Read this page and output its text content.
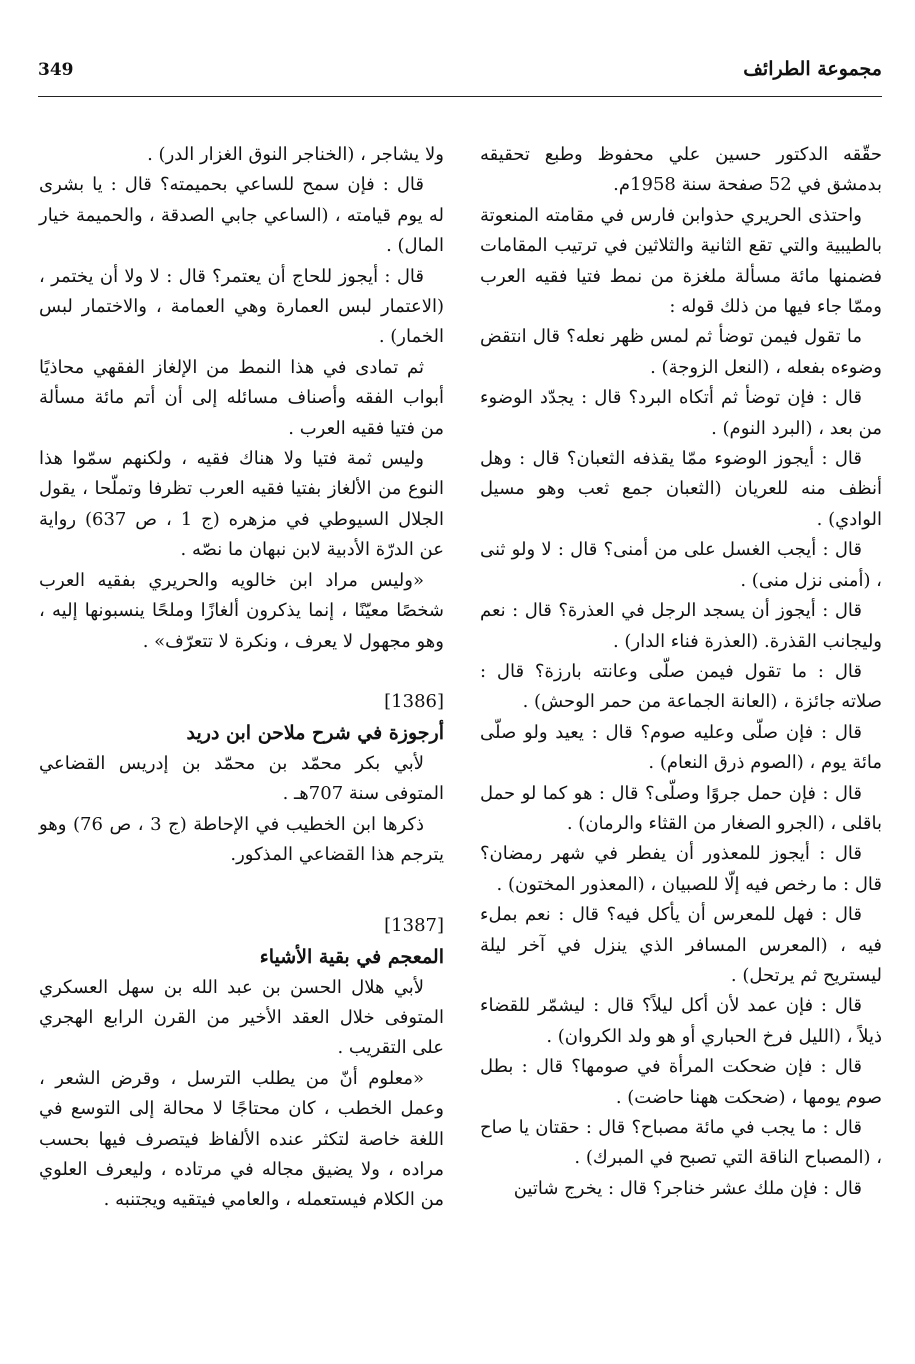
مجموعة الطرائف
349

حقّقه الدكتور حسين علي محفوظ وطبع تحقيقه بدمشق في 52 صفحة سنة 1958م.

واحتذى الحريري حذوابن فارس في مقامته المنعوتة بالطيبية والتي تقع الثانية والثلاثين في ترتيب المقامات فضمنها مائة مسألة ملغزة من نمط فتيا فقيه العرب وممّا جاء فيها من ذلك قوله :

ما تقول فيمن توضأ ثم لمس ظهر نعله؟ قال انتقض وضوءه بفعله ، (النعل الزوجة) .

قال : فإن توضأ ثم أتكاه البرد؟ قال : يجدّد الوضوء من بعد ، (البرد النوم) .

قال : أيجوز الوضوء ممّا يقذفه الثعبان؟ قال : وهل أنظف منه للعريان (الثعبان جمع ثعب وهو مسيل الوادي) .

قال : أيجب الغسل على من أمنى؟ قال : لا ولو ثنى ، (أمنى نزل منى) .

قال : أيجوز أن يسجد الرجل في العذرة؟ قال : نعم وليجانب القذرة. (العذرة فناء الدار) .

قال : ما تقول فيمن صلّى وعانته بارزة؟ قال : صلاته جائزة ، (العانة الجماعة من حمر الوحش) .

قال : فإن صلّى وعليه صوم؟ قال : يعيد ولو صلّى مائة يوم ، (الصوم ذرق النعام) .

قال : فإن حمل جروًا وصلّى؟ قال : هو كما لو حمل باقلى ، (الجرو الصغار من القثاء والرمان) .

قال : أيجوز للمعذور أن يفطر في شهر رمضان؟ قال : ما رخص فيه إلّا للصبيان ، (المعذور المختون) .

قال : فهل للمعرس أن يأكل فيه؟ قال : نعم بملء فيه ، (المعرس المسافر الذي ينزل في آخر ليلة ليستريح ثم يرتحل) .

قال : فإن عمد لأن أكل ليلاً؟ قال : ليشمّر للقضاء ذيلاً ، (الليل فرخ الحباري أو هو ولد الكروان) .

قال : فإن ضحكت المرأة في صومها؟ قال : بطل صوم يومها ، (ضحكت ههنا حاضت) .

قال : ما يجب في مائة مصباح؟ قال : حقتان يا صاح ، (المصباح الناقة التي تصبح في المبرك) .

قال : فإن ملك عشر خناجر؟ قال : يخرج شاتين

ولا يشاجر ، (الخناجر النوق الغزار الدر) .

قال : فإن سمح للساعي بحميمته؟ قال : يا بشرى له يوم قيامته ، (الساعي جابي الصدقة ، والحميمة خيار المال) .

قال : أيجوز للحاج أن يعتمر؟ قال : لا ولا أن يختمر ، (الاعتمار لبس العمارة وهي العمامة ، والاختمار لبس الخمار) .

ثم تمادى في هذا النمط من الإلغاز الفقهي محاذيًا أبواب الفقه وأصناف مسائله إلى أن أتم مائة مسألة من فتيا فقيه العرب .

وليس ثمة فتيا ولا هناك فقيه ، ولكنهم سمّوا هذا النوع من الألغاز بفتيا فقيه العرب تظرفا وتملّحا ، يقول الجلال السيوطي في مزهره (ج 1 ، ص 637) رواية عن الدرّة الأدبية لابن نبهان ما نصّه .

«وليس مراد ابن خالويه والحريري بفقيه العرب شخصًا معيّنًا ، إنما يذكرون ألغازًا وملحًا ينسبونها إليه ، وهو مجهول لا يعرف ، ونكرة لا تتعرّف» .

[1386]

أرجوزة في شرح ملاحن ابن دريد

لأبي بكر محمّد بن محمّد بن إدريس القضاعي المتوفى سنة 707هـ .

ذكرها ابن الخطيب في الإحاطة (ج 3 ، ص 76) وهو يترجم هذا القضاعي المذكور.

[1387]

المعجم في بقية الأشياء

لأبي هلال الحسن بن عبد الله بن سهل العسكري المتوفى خلال العقد الأخير من القرن الرابع الهجري على التقريب .

«معلوم أنّ من يطلب الترسل ، وقرض الشعر ، وعمل الخطب ، كان محتاجًا لا محالة إلى التوسع في اللغة خاصة لتكثر عنده الألفاظ فيتصرف فيها بحسب مراده ، ولا يضيق مجاله في مرتاده ، وليعرف العلوي من الكلام فيستعمله ، والعامي فيتقيه ويجتنبه .
